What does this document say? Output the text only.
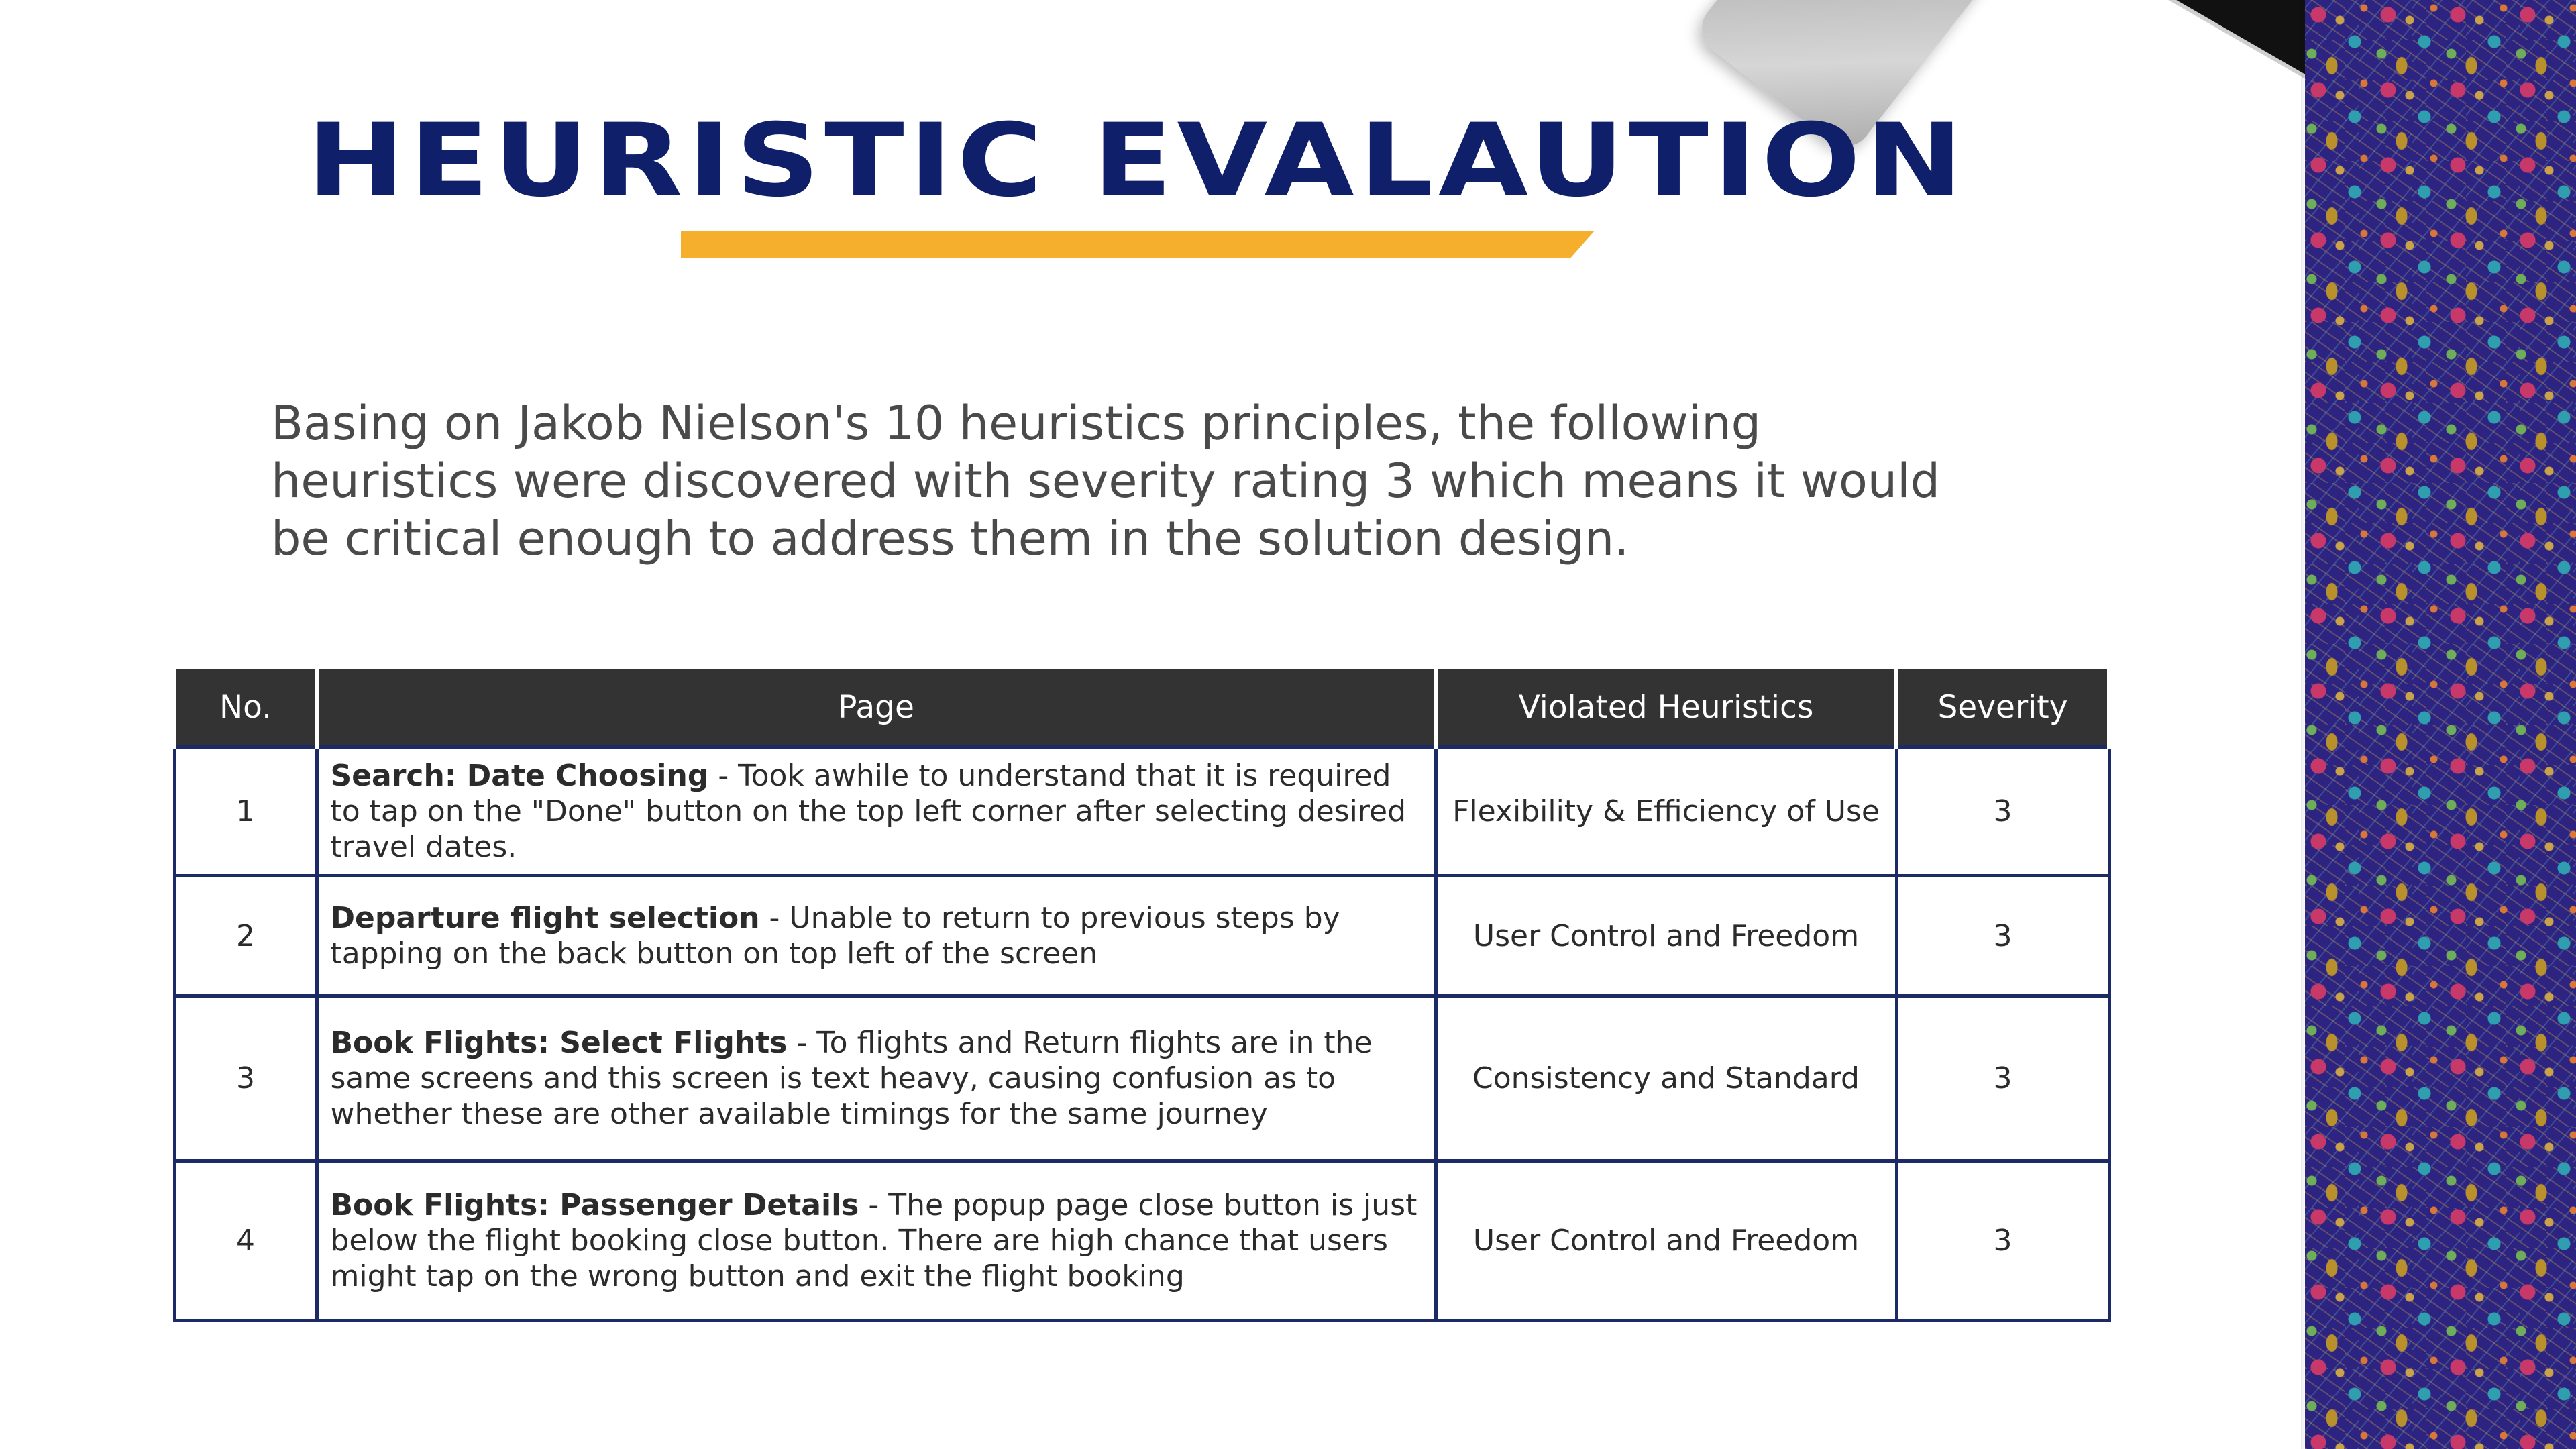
HEURISTIC EVALAUTION

Basing on Jakob Nielson's 10 heuristics principles, the following heuristics were discovered with severity rating 3 which means it would be critical enough to address them in the solution design.

No.	Page	Violated Heuristics	Severity
1	Search: Date Choosing - Took awhile to understand that it is required to tap on the "Done" button on the top left corner after selecting desired travel dates.	Flexibility & Efficiency of Use	3
2	Departure flight selection - Unable to return to previous steps by tapping on the back button on top left of the screen	User Control and Freedom	3
3	Book Flights: Select Flights - To flights and Return flights are in the same screens and this screen is text heavy, causing confusion as to whether these are other available timings for the same journey	Consistency and Standard	3
4	Book Flights: Passenger Details - The popup page close button is just below the flight booking close button. There are high chance that users might tap on the wrong button and exit the flight booking	User Control and Freedom	3
